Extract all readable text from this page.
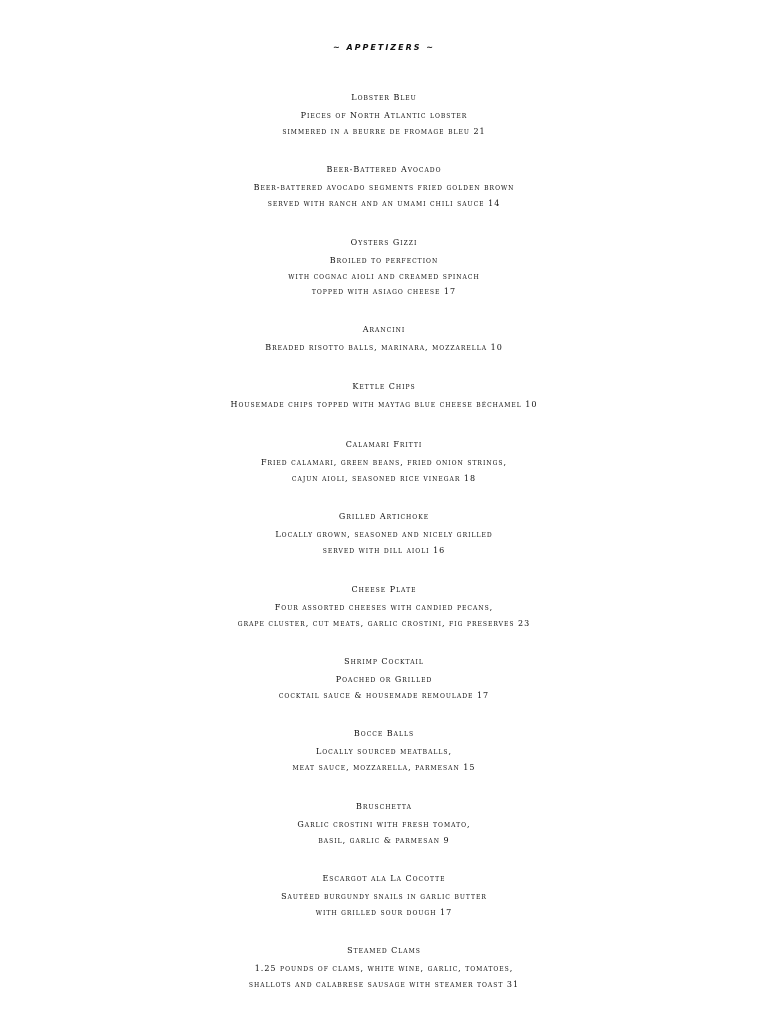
~ APPETIZERS ~
Lobster Bleu
Pieces of North Atlantic lobster
simmered in a beurre de fromage bleu 21
Beer-Battered Avocado
Beer-battered avocado segments fried golden brown
served with ranch and an umami chili sauce 14
Oysters Gizzi
Broiled to perfection
with cognac aioli and creamed spinach
topped with asiago cheese 17
Arancini
Breaded risotto balls, marinara, mozzarella 10
Kettle Chips
Housemade chips topped with maytag blue cheese béchamel 10
Calamari Fritti
Fried calamari, green beans, fried onion strings,
cajun aioli, seasoned rice vinegar 18
Grilled Artichoke
Locally grown, seasoned and nicely grilled
served with dill aioli 16
Cheese Plate
Four assorted cheeses with candied pecans,
grape cluster, cut meats, garlic crostini, fig preserves 23
Shrimp Cocktail
Poached or Grilled
cocktail sauce & housemade remoulade 17
Bocce Balls
Locally sourced meatballs,
meat sauce, mozzarella, parmesan 15
Bruschetta
Garlic crostini with fresh tomato,
basil, garlic & parmesan 9
Escargot ala La Cocotte
Sautéed burgundy snails in garlic butter
with grilled sour dough 17
Steamed Clams
1.25 pounds of clams, white wine, garlic, tomatoes,
shallots and calabrese sausage with steamer toast 31
